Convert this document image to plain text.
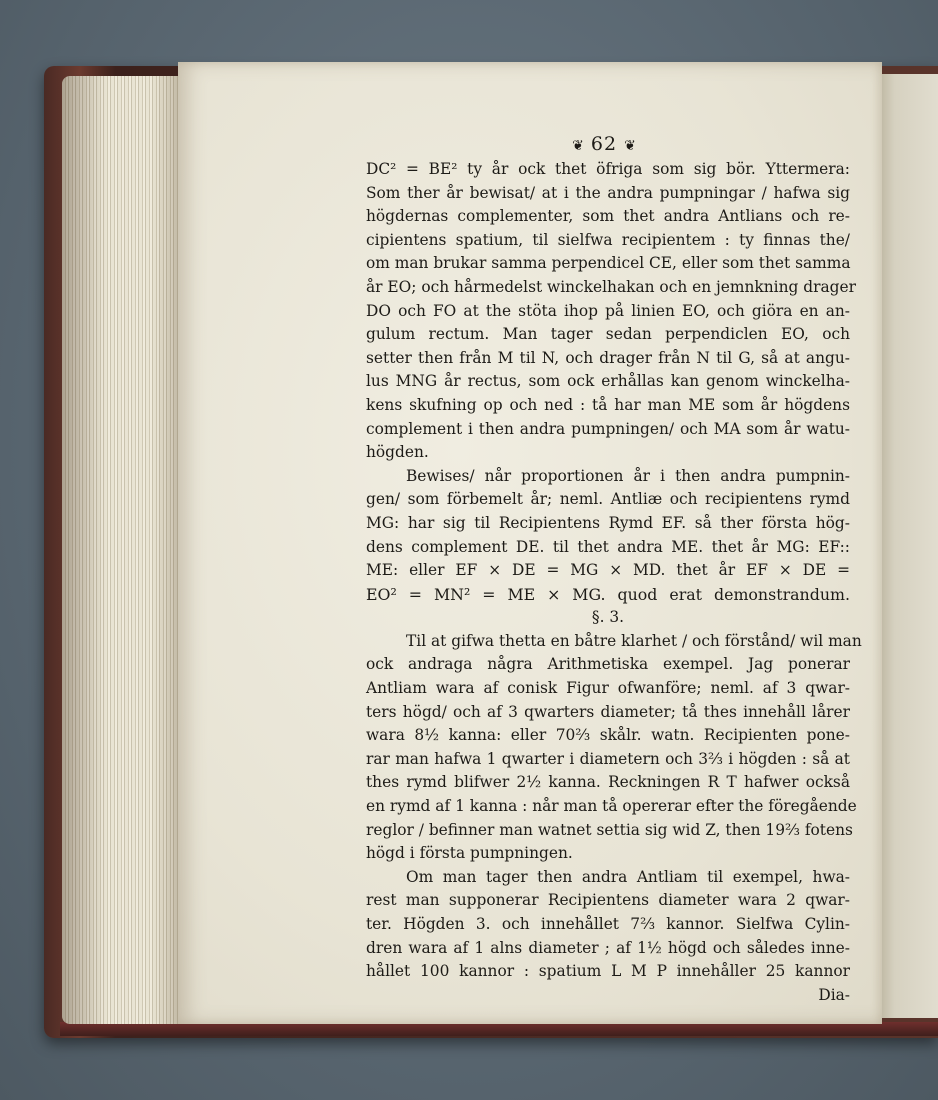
❦ 62 ❦
DC² = BE² ty år ock thet öfriga som sig bör. Yttermera:
Som ther år bewisat/ at i the andra pumpningar / hafwa sig
högdernas complementer, som thet andra Antlians och re-
cipientens spatium, til sielfwa recipientem : ty finnas the/
om man brukar samma perpendicel CE, eller som thet samma
år EO; och hårmedelst winckelhakan och en jemnkning drager
DO och FO at the stöta ihop på linien EO, och giöra en an-
gulum rectum. Man tager sedan perpendiclen EO, och
setter then från M til N, och drager från N til G, så at angu-
lus MNG år rectus, som ock erhållas kan genom winckelha-
kens skufning op och ned : tå har man ME som år högdens
complement i then andra pumpningen/ och MA som år watu-
högden.
Bewises/ når proportionen år i then andra pumpnin-
gen/ som förbemelt år; neml. Antliæ och recipientens rymd
MG: har sig til Recipientens Rymd EF. så ther första hög-
dens complement DE. til thet andra ME. thet år MG: EF::
ME: eller EF × DE = MG × MD. thet år EF × DE =
EO² = MN² = ME × MG. quod erat demonstrandum.
§. 3.
Til at gifwa thetta en båtre klarhet / och förstånd/ wil man
ock andraga några Arithmetiska exempel. Jag ponerar
Antliam wara af conisk Figur ofwanföre; neml. af 3 qwar-
ters högd/ och af 3 qwarters diameter; tå thes innehåll lårer
wara 8½ kanna: eller 70⅔ skålr. watn. Recipienten pone-
rar man hafwa 1 qwarter i diametern och 3⅔ i högden : så at
thes rymd blifwer 2½ kanna. Reckningen R T hafwer också
en rymd af 1 kanna : når man tå opererar efter the föregående
reglor / befinner man watnet settia sig wid Z, then 19⅔ fotens
högd i första pumpningen.
Om man tager then andra Antliam til exempel, hwa-
rest man supponerar Recipientens diameter wara 2 qwar-
ter. Högden 3. och innehållet 7⅔ kannor. Sielfwa Cylin-
dren wara af 1 alns diameter ; af 1½ högd och således inne-
hållet 100 kannor : spatium L M P innehåller 25 kannor
Dia-
